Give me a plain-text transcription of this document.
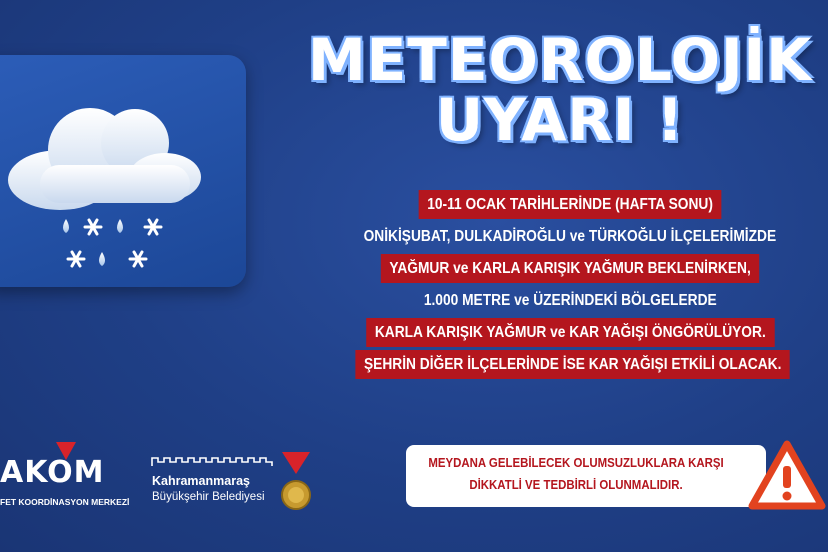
METEOROLOJİK
UYARI !
10-11 OCAK TARİHLERİNDE (HAFTA SONU)
ONİKİŞUBAT, DULKADİROĞLU ve TÜRKOĞLU İLÇELERİMİZDE
YAĞMUR ve KARLA KARIŞIK YAĞMUR BEKLENİRKEN,
1.000 METRE ve ÜZERİNDEKİ BÖLGELERDE
KARLA KARIŞIK YAĞMUR ve KAR YAĞIŞI ÖNGÖRÜLÜYOR.
ŞEHRİN DİĞER İLÇELERİNDE İSE KAR YAĞIŞI ETKİLİ OLACAK.
MEYDANA GELEBİLECEK OLUMSUZLUKLARA KARŞI
DİKKATLİ VE TEDBİRLİ OLUNMALIDIR.
AKOM
FET KOORDİNASYON MERKEZİ
Kahramanmaraş
Büyükşehir Belediyesi
